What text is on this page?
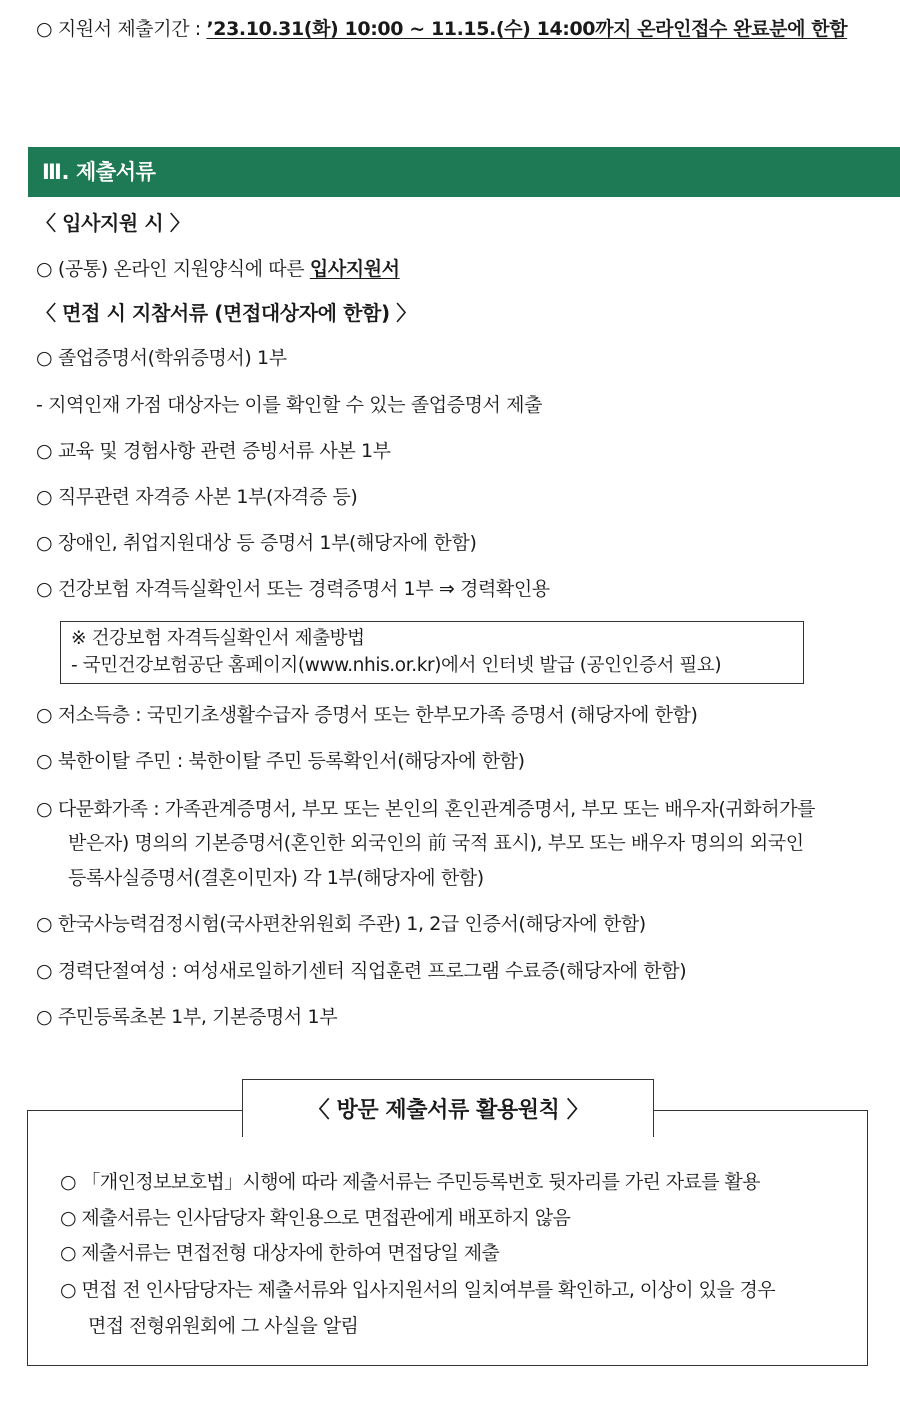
○ 지원서 제출기간 : ’23.10.31(화) 10:00 ~ 11.15.(수) 14:00까지 온라인접수 완료분에 한함
Ⅲ. 제출서류
〈 입사지원 시 〉
○ (공통) 온라인 지원양식에 따른 입사지원서
〈 면접 시 지참서류 (면접대상자에 한함) 〉
○ 졸업증명서(학위증명서) 1부
- 지역인재 가점 대상자는 이를 확인할 수 있는 졸업증명서 제출
○ 교육 및 경험사항 관련 증빙서류 사본 1부
○ 직무관련 자격증 사본 1부(자격증 등)
○ 장애인, 취업지원대상 등 증명서 1부(해당자에 한함)
○ 건강보험 자격득실확인서 또는 경력증명서 1부 ⇒ 경력확인용
※ 건강보험 자격득실확인서 제출방법
- 국민건강보험공단 홈페이지(www.nhis.or.kr)에서 인터넷 발급 (공인인증서 필요)
○ 저소득층 : 국민기초생활수급자 증명서 또는 한부모가족 증명서 (해당자에 한함)
○ 북한이탈 주민 : 북한이탈 주민 등록확인서(해당자에 한함)
○ 다문화가족 : 가족관계증명서, 부모 또는 본인의 혼인관계증명서, 부모 또는 배우자(귀화허가를
받은자) 명의의 기본증명서(혼인한 외국인의 前 국적 표시), 부모 또는 배우자 명의의 외국인
등록사실증명서(결혼이민자) 각 1부(해당자에 한함)
○ 한국사능력검정시험(국사편찬위원회 주관) 1, 2급 인증서(해당자에 한함)
○ 경력단절여성 : 여성새로일하기센터 직업훈련 프로그램 수료증(해당자에 한함)
○ 주민등록초본 1부, 기본증명서 1부
〈 방문 제출서류 활용원칙 〉
○ 「개인정보보호법」시행에 따라 제출서류는 주민등록번호 뒷자리를 가린 자료를 활용
○ 제출서류는 인사담당자 확인용으로 면접관에게 배포하지 않음
○ 제출서류는 면접전형 대상자에 한하여 면접당일 제출
○ 면접 전 인사담당자는 제출서류와 입사지원서의 일치여부를 확인하고, 이상이 있을 경우
면접 전형위원회에 그 사실을 알림
